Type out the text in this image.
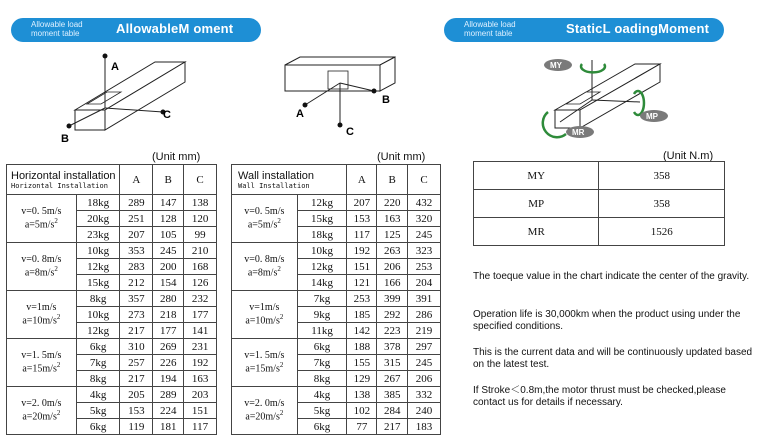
Allowable load
moment table	AllowableM oment	Allowable load
moment table	StaticL oadingMoment
A
C
B
C
B
A
MY
MP
MR
(Unit mm)
Horizontal installation
Horizontal Installation		A	B	C

v=0. 5m/s
$a=5m/s^2$	18kg	289	147	138
	20kg	251	128	120
	23kg	207	105	99

v=0. 8m/s
$a=8m/s^2$	10kg	353	245	210
	12kg	283	200	168
	15kg	212	154	126

v=1m/s
$a=10m/s^2$	8kg	357	280	232
	10kg	273	218	177
	12kg	217	177	141

v=1. 5m/s
$a=15m/s^2$	6kg	310	269	231
	7kg	257	226	192
	8kg	217	194	163

v=2. 0m/s
$a=20m/s^2$	4kg	205	289	203
	5kg	153	224	151
	6kg	119	181	117
(Unit mm)
Wall installation
Wall Installation		A	B	C

v=0. 5m/s
$a=5m/s^2$	12kg	207	220	432
	15kg	153	163	320
	18kg	117	125	245

v=0. 8m/s
$a=8m/s^2$	10kg	192	263	323
	12kg	151	206	253
	14kg	121	166	204

v=1m/s
$a=10m/s^2$	7kg	253	399	391
	9kg	185	292	286
	11kg	142	223	219

v=1. 5m/s
$a=15m/s^2$	6kg	188	378	297
	7kg	155	315	245
	8kg	129	267	206

v=2. 0m/s
$a=20m/s^2$	4kg	138	385	332
	5kg	102	284	240
	6kg	77	217	183
(Unit N.m)
MY	358
MP	358
MR	1526
The toeque value in the chart indicate the center of the gravity.
Operation life is 30,000km when the product using under the specified conditions.
This is the current data and will be continuously updated based on the latest test.
If Stroke＜0.8m,the motor thrust must be checked,please contact us for details if necessary.
